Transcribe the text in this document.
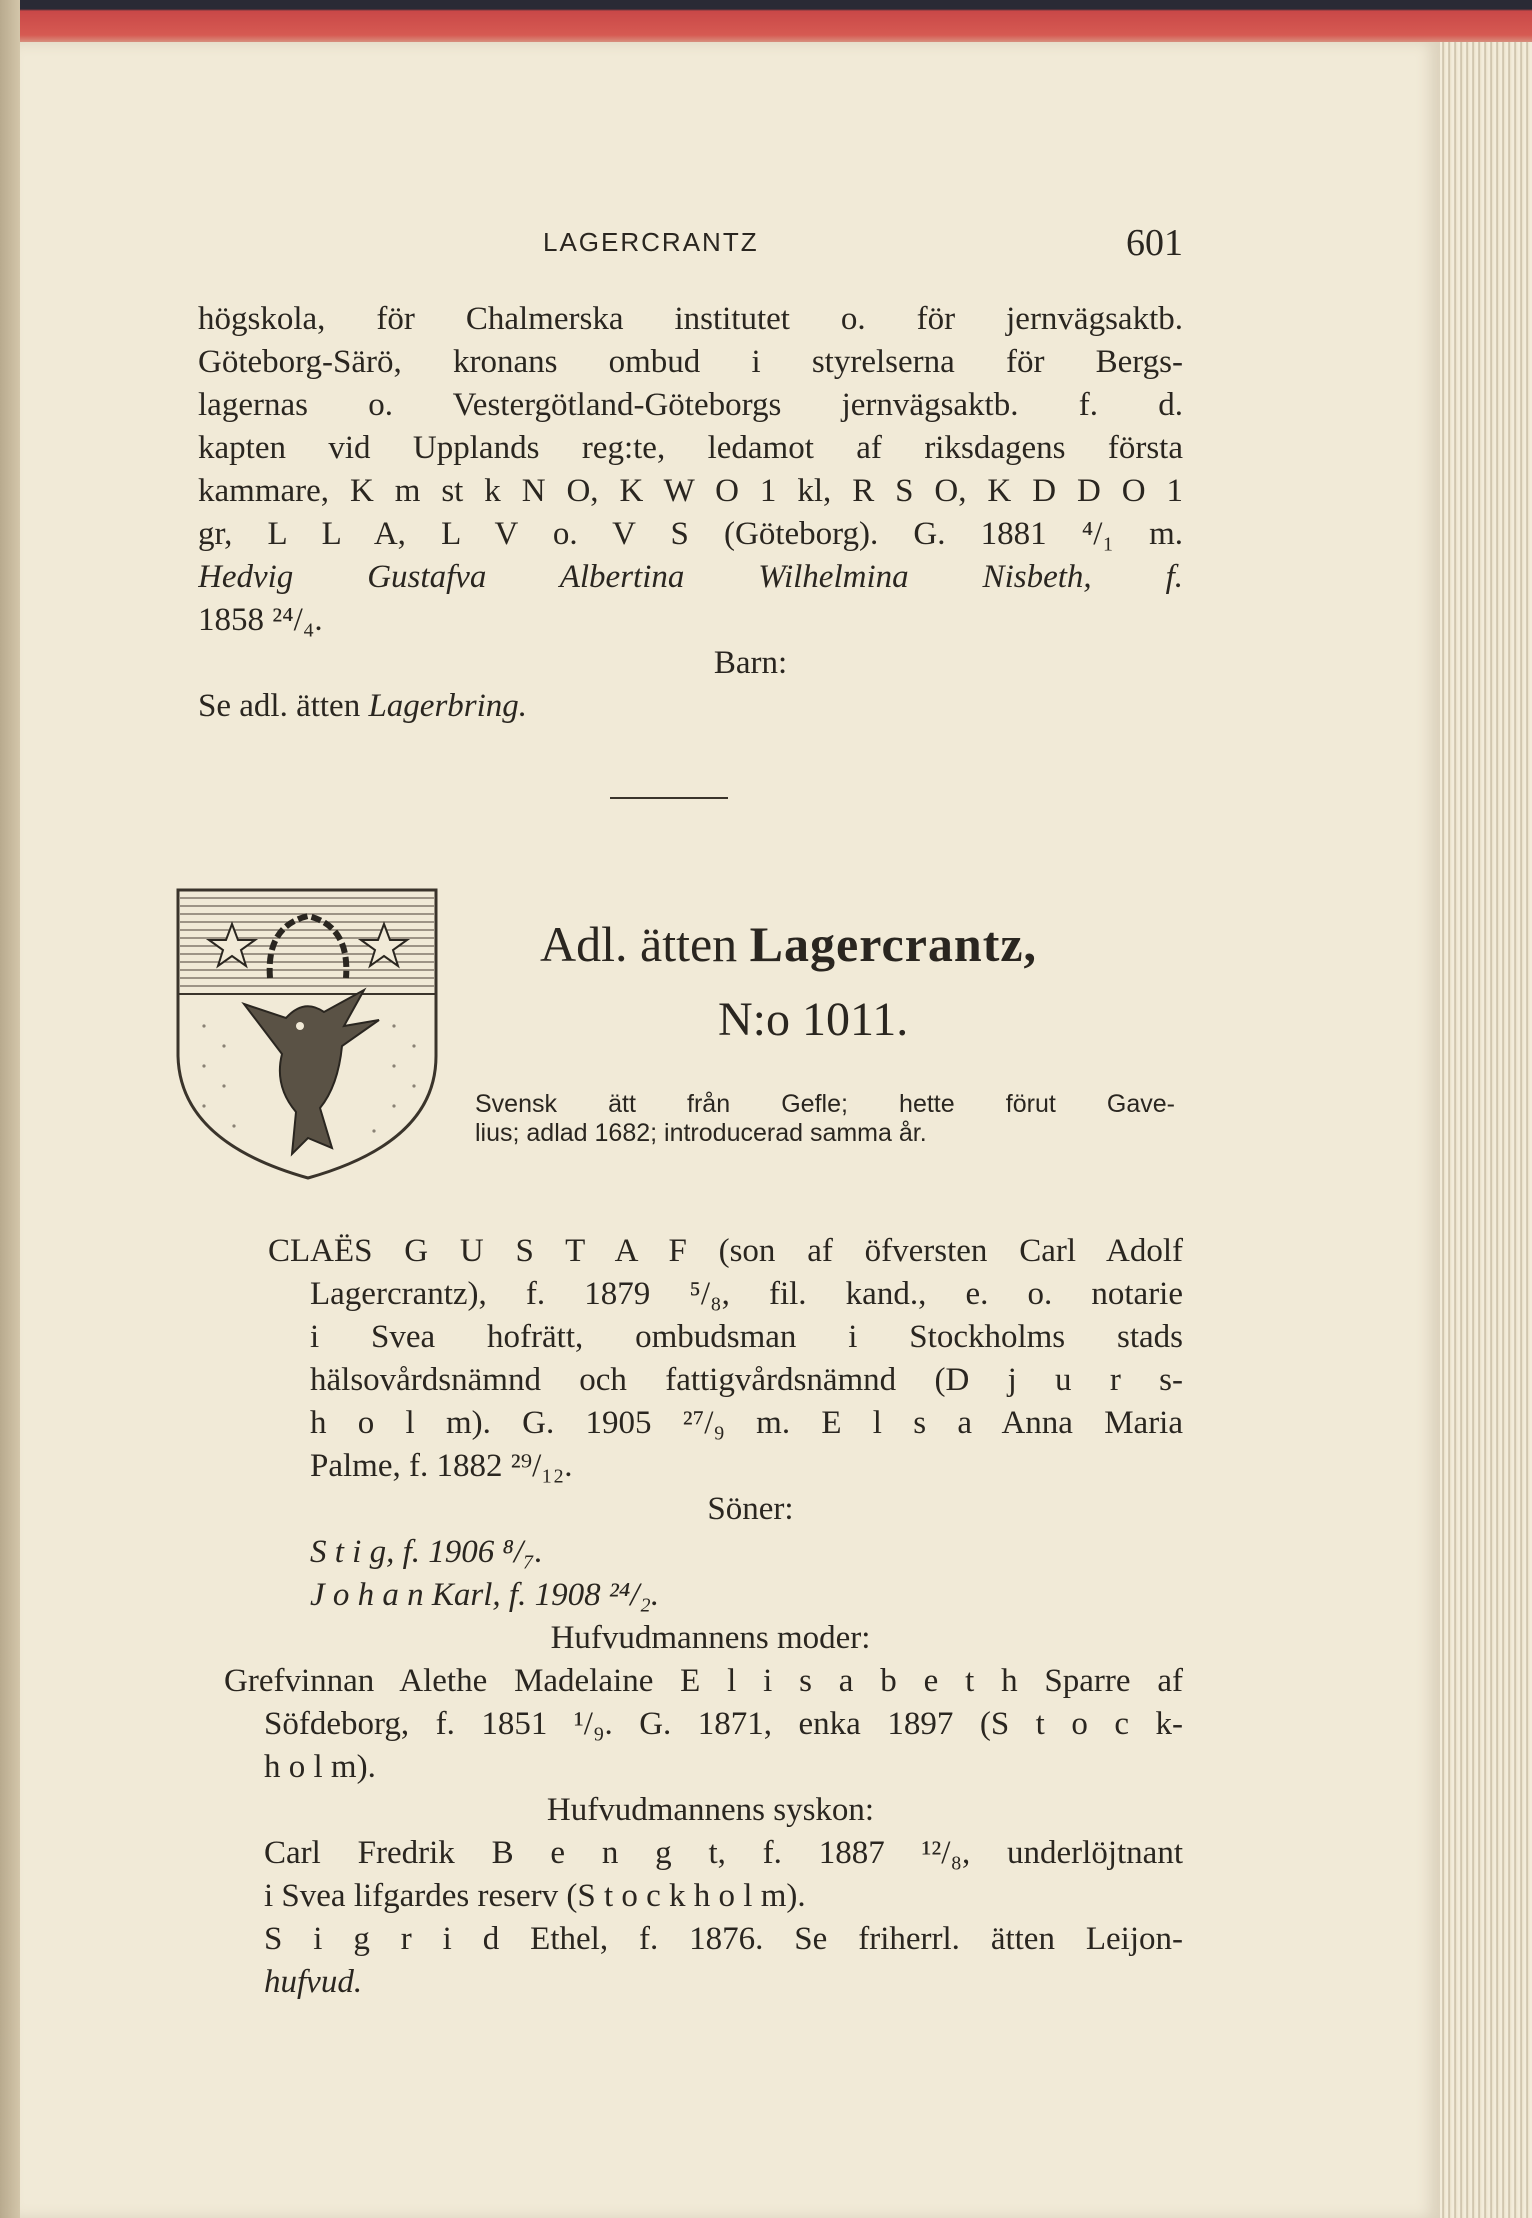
LAGERCRANTZ	601
högskola, för Chalmerska institutet o. för jernvägsaktb.
Göteborg-Särö, kronans ombud i styrelserna för Bergs-
lagernas o. Vestergötland-Göteborgs jernvägsaktb. f. d.
kapten vid Upplands reg:te, ledamot af riksdagens första
kammare, K m st k N O, K W O 1 kl, R S O, K D D O 1
gr, L L A, L V o. V S (Göteborg). G. 1881 ⁴/₁ m.
Hedvig Gustafva Albertina Wilhelmina Nisbeth, f.
1858 ²⁴/₄.
Barn:
Se adl. ätten Lagerbring.
Adl. ätten Lagercrantz,
N:o 1011.
Svensk ätt från Gefle; hette förut Gave-
lius; adlad 1682; introducerad samma år.
CLAËS G U S T A F (son af öfversten Carl Adolf
Lagercrantz), f. 1879 ⁵/₈, fil. kand., e. o. notarie
i Svea hofrätt, ombudsman i Stockholms stads
hälsovårdsnämnd och fattigvårdsnämnd (D j u r s-
h o l m). G. 1905 ²⁷/₉ m. E l s a Anna Maria
Palme, f. 1882 ²⁹/₁₂.
Söner:
S t i g, f. 1906 ⁸/₇.
J o h a n Karl, f. 1908 ²⁴/₂.
Hufvudmannens moder:
Grefvinnan Alethe Madelaine E l i s a b e t h Sparre af
Söfdeborg, f. 1851 ¹/₉. G. 1871, enka 1897 (S t o c k-
h o l m).
Hufvudmannens syskon:
Carl Fredrik B e n g t, f. 1887 ¹²/₈, underlöjtnant
i Svea lifgardes reserv (S t o c k h o l m).
S i g r i d Ethel, f. 1876. Se friherrl. ätten Leijon-
hufvud.
